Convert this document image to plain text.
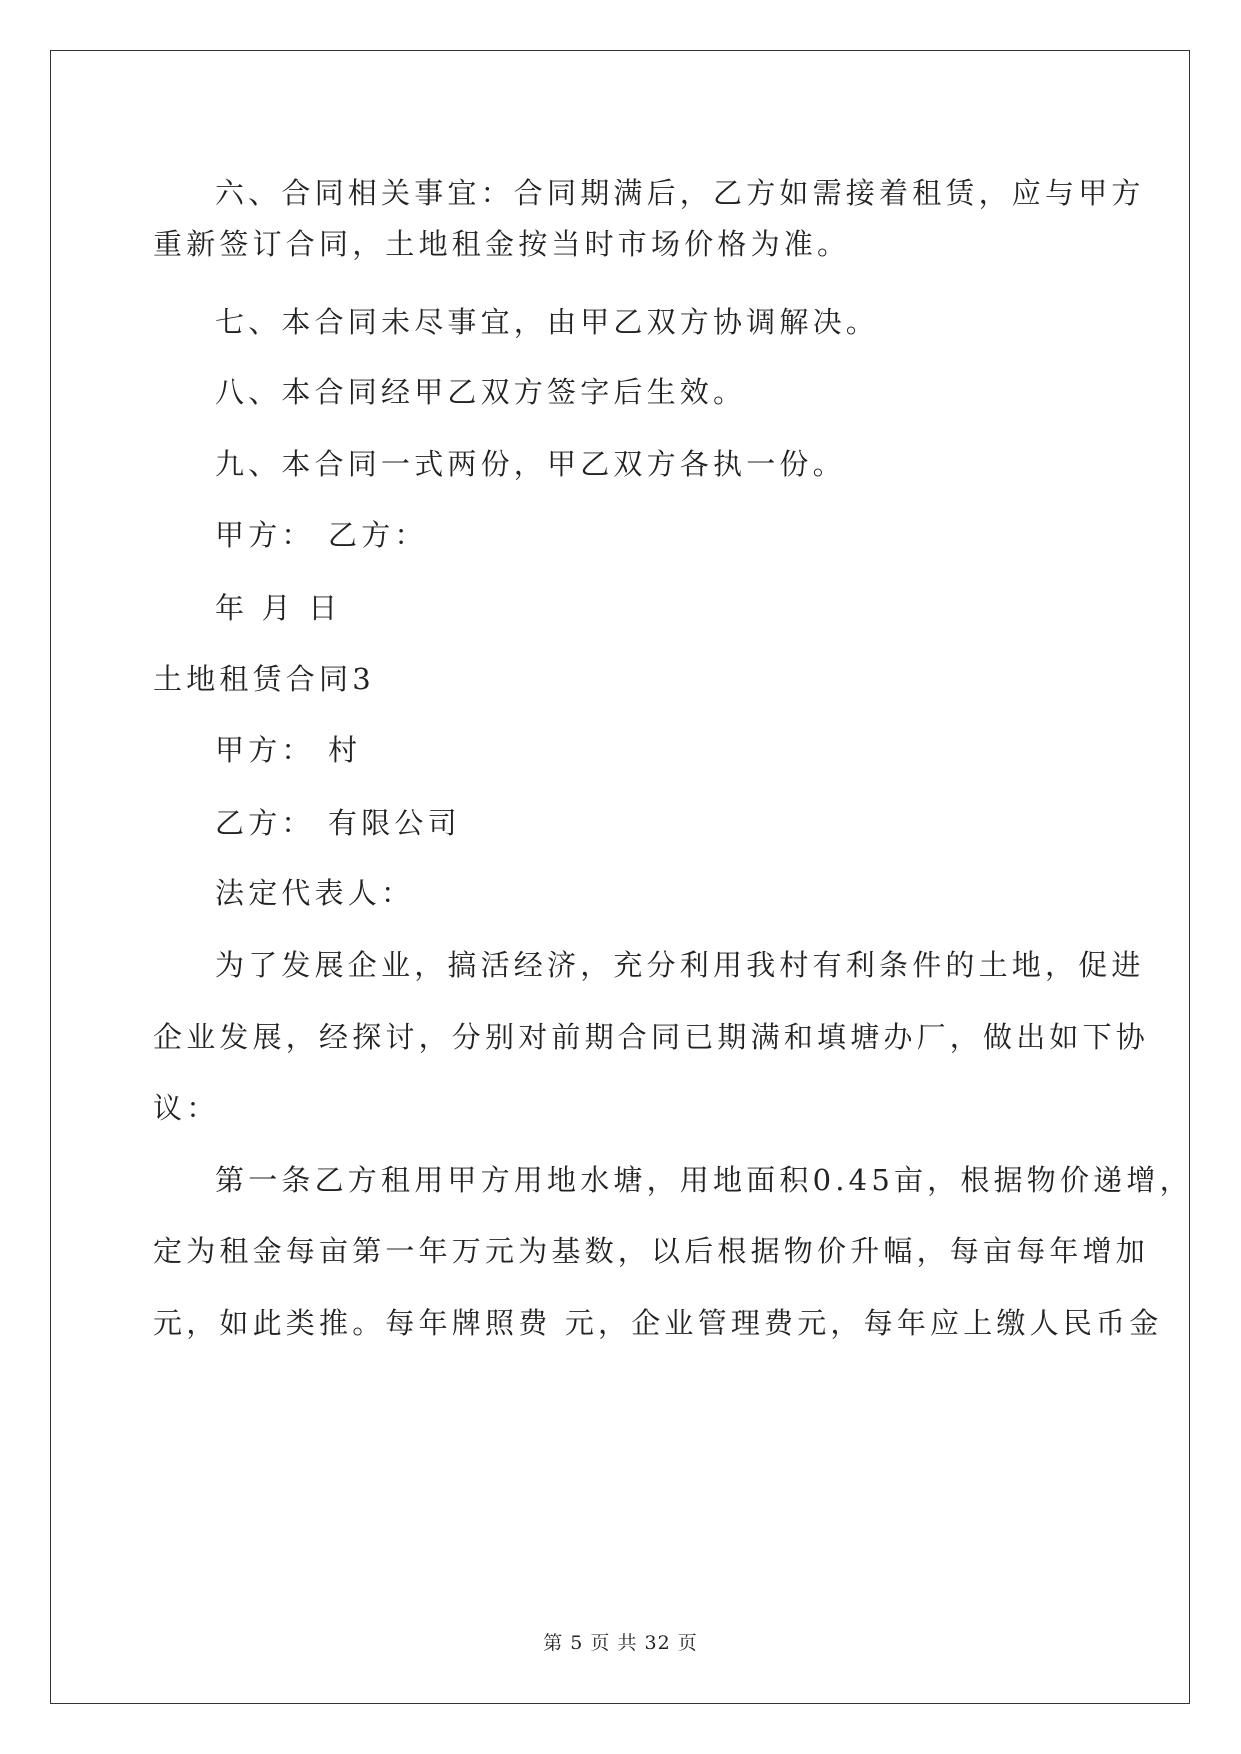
六、合同相关事宜：合同期满后，乙方如需接着租赁，应与甲方
重新签订合同，土地租金按当时市场价格为准。
七、本合同未尽事宜，由甲乙双方协调解决。
八、本合同经甲乙双方签字后生效。
九、本合同一式两份，甲乙双方各执一份。
甲方： 乙方：
年 月 日
土地租赁合同3
甲方： 村
乙方： 有限公司
法定代表人：
为了发展企业，搞活经济，充分利用我村有利条件的土地，促进
企业发展，经探讨，分别对前期合同已期满和填塘办厂，做出如下协
议：
第一条乙方租用甲方用地水塘，用地面积0.45亩，根据物价递增，
定为租金每亩第一年万元为基数，以后根据物价升幅，每亩每年增加
元，如此类推。每年牌照费 元，企业管理费元，每年应上缴人民币金
第 5 页 共 32 页
